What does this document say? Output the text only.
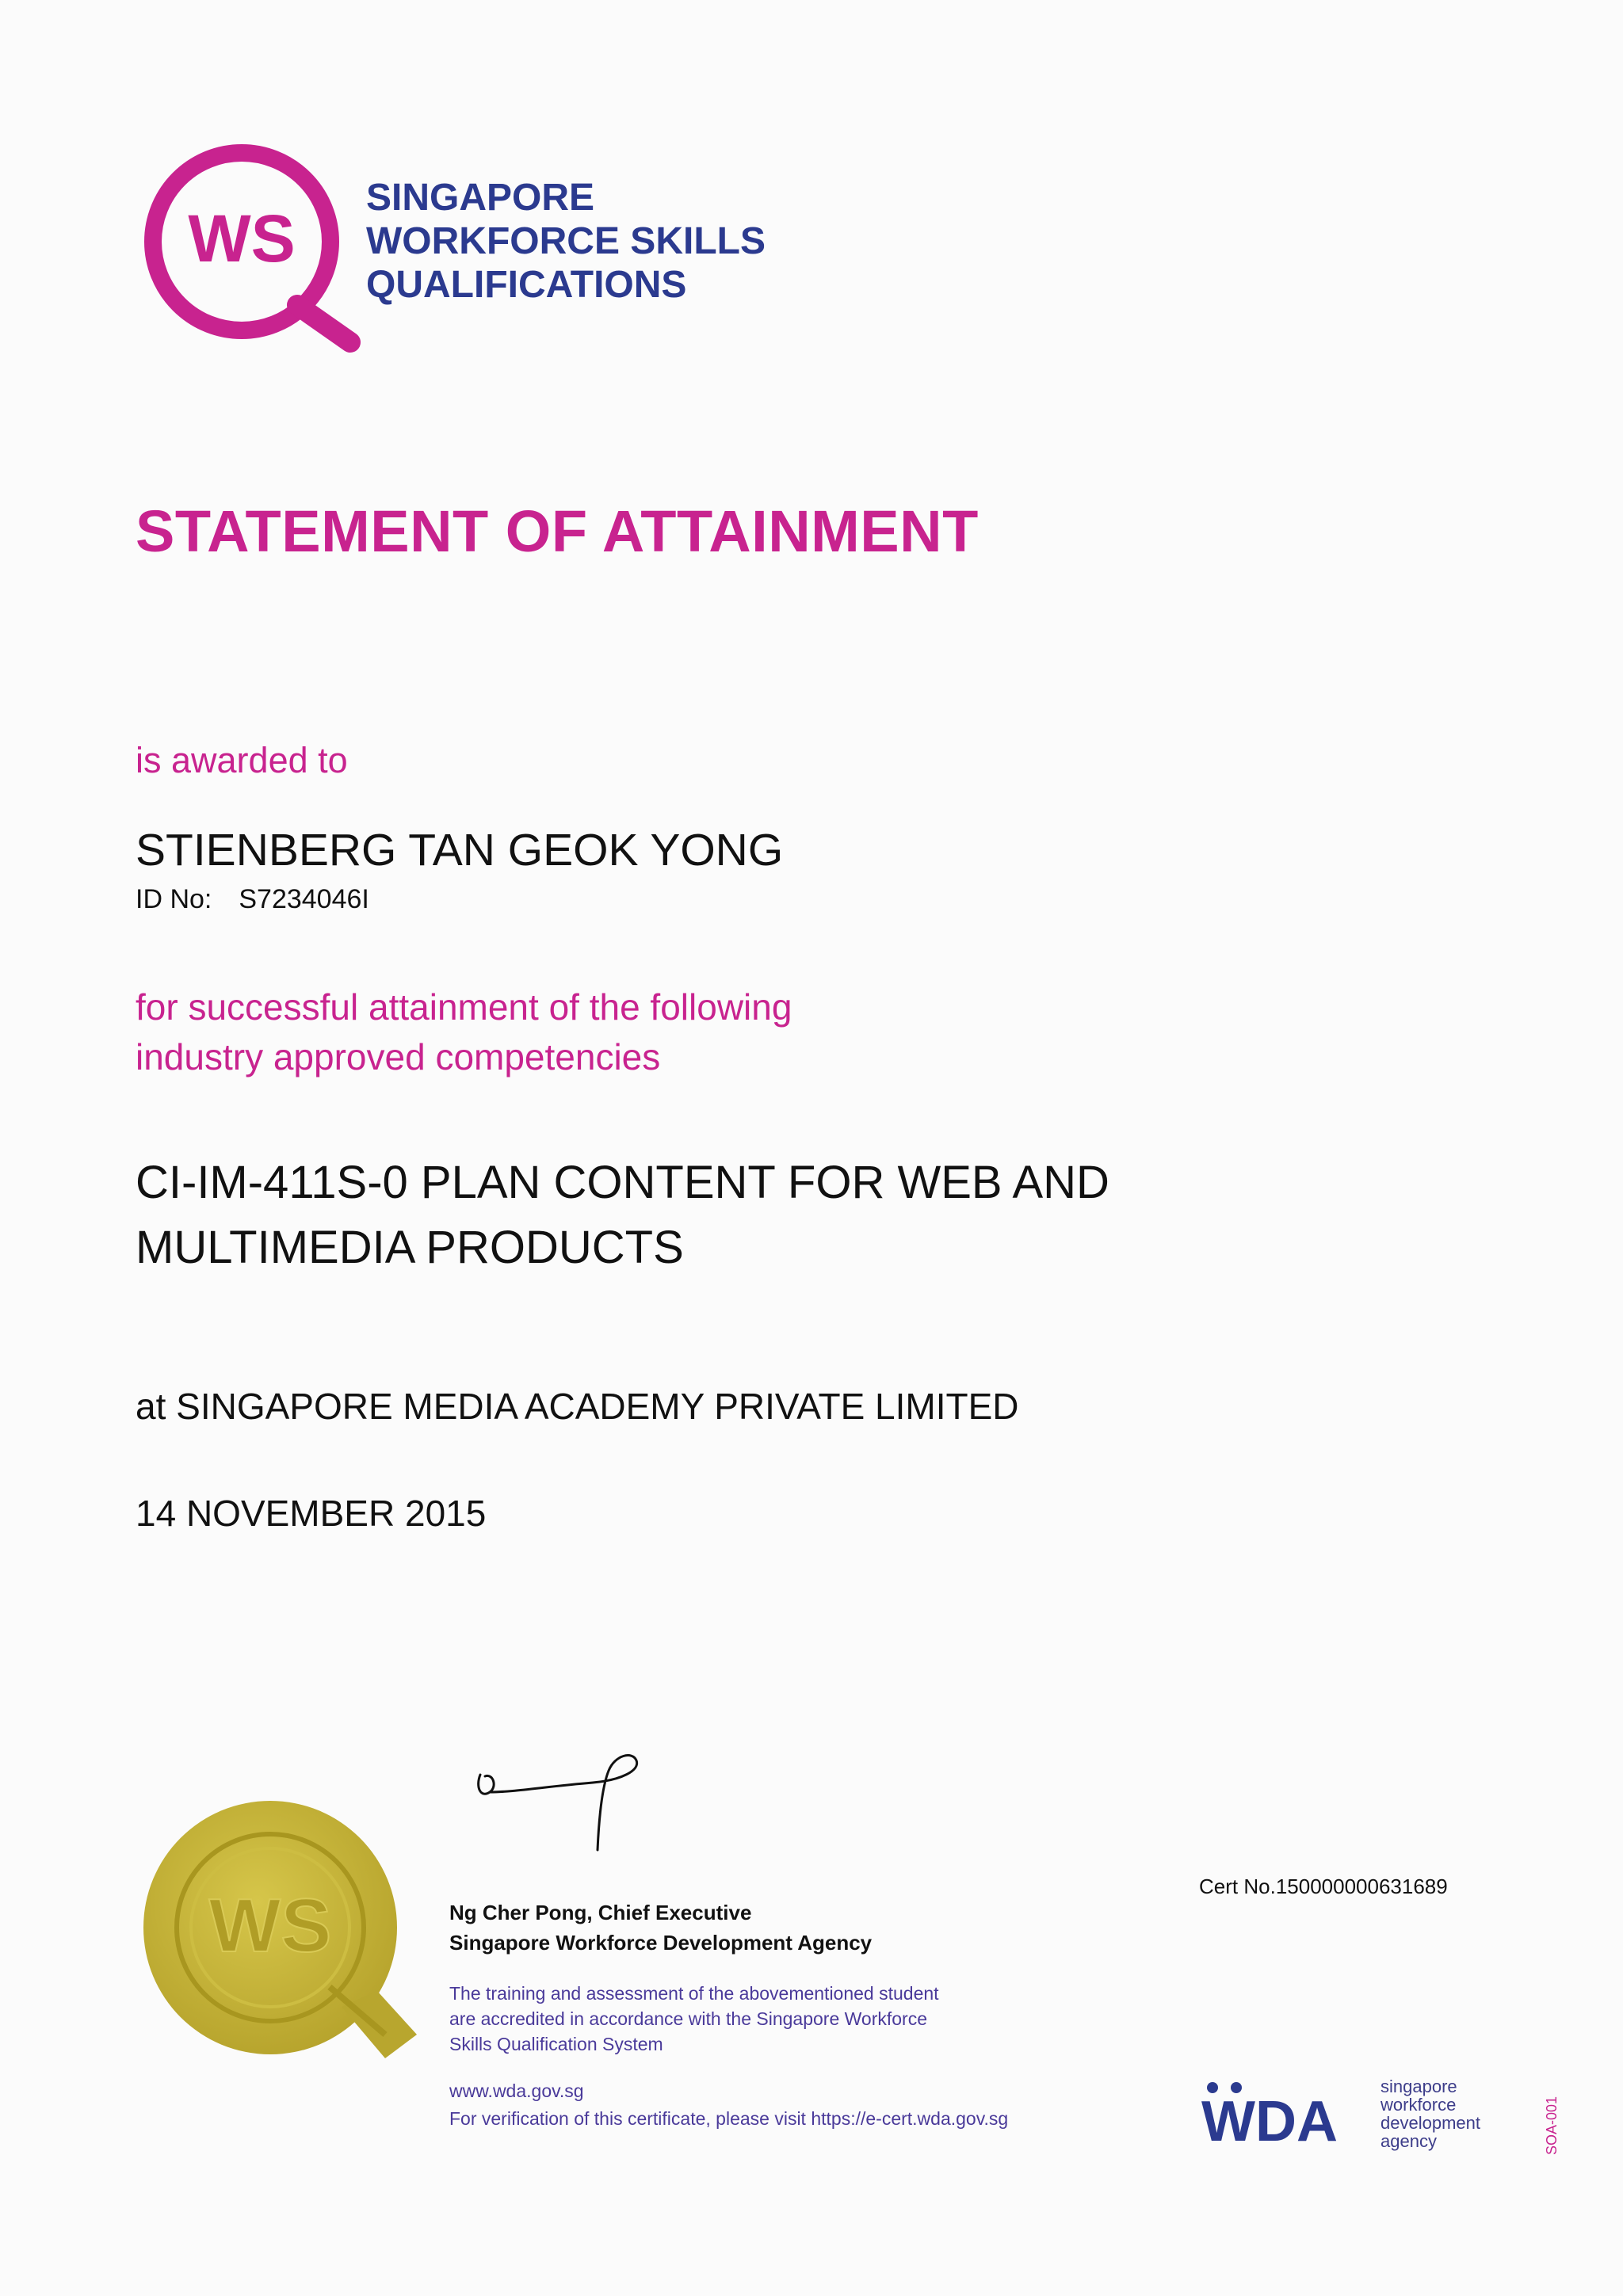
WS
SINGAPORE
WORKFORCE SKILLS
QUALIFICATIONS
STATEMENT OF ATTAINMENT
is awarded to
STIENBERG TAN GEOK YONG
ID No: S7234046I
for successful attainment of the following
industry approved competencies
CI-IM-411S-0 PLAN CONTENT FOR WEB AND
MULTIMEDIA PRODUCTS
at SINGAPORE MEDIA ACADEMY PRIVATE LIMITED
14 NOVEMBER 2015
WS	Ng Cher Pong, Chief Executive
Singapore Workforce Development Agency
The training and assessment of the abovementioned student
are accredited in accordance with the Singapore Workforce
Skills Qualification System
www.wda.gov.sg
For verification of this certificate, please visit https://e-cert.wda.gov.sg
Cert No.150000000631689
WDA
singapore
workforce
development
agency	SOA-001
